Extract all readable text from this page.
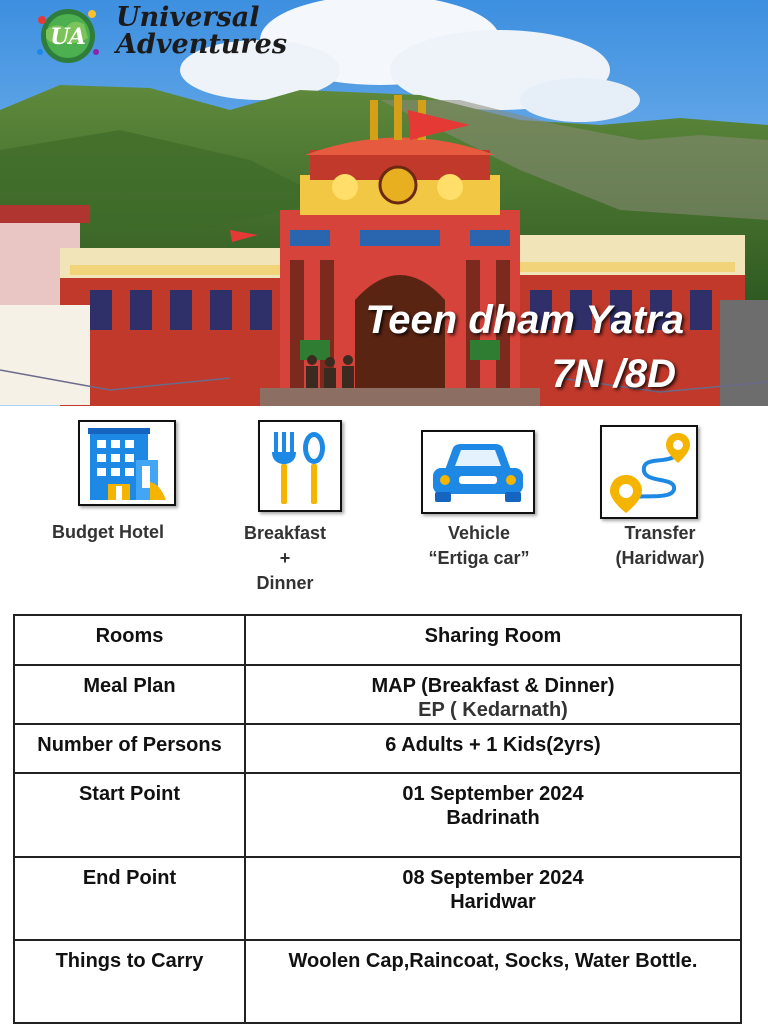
UA
Universal
Adventures
Teen dham Yatra
7N /8D
Budget Hotel	Breakfast
+
Dinner
Vehicle
“Ertiga car”
Transfer
(Haridwar)
Rooms	Sharing Room

Meal Plan	MAP (Breakfast & Dinner)
EP ( Kedarnath)

Number of Persons	6 Adults + 1 Kids(2yrs)

Start Point	01 September 2024
Badrinath

End Point	08 September 2024
Haridwar

Things to Carry	Woolen Cap,Raincoat, Socks, Water Bottle.
